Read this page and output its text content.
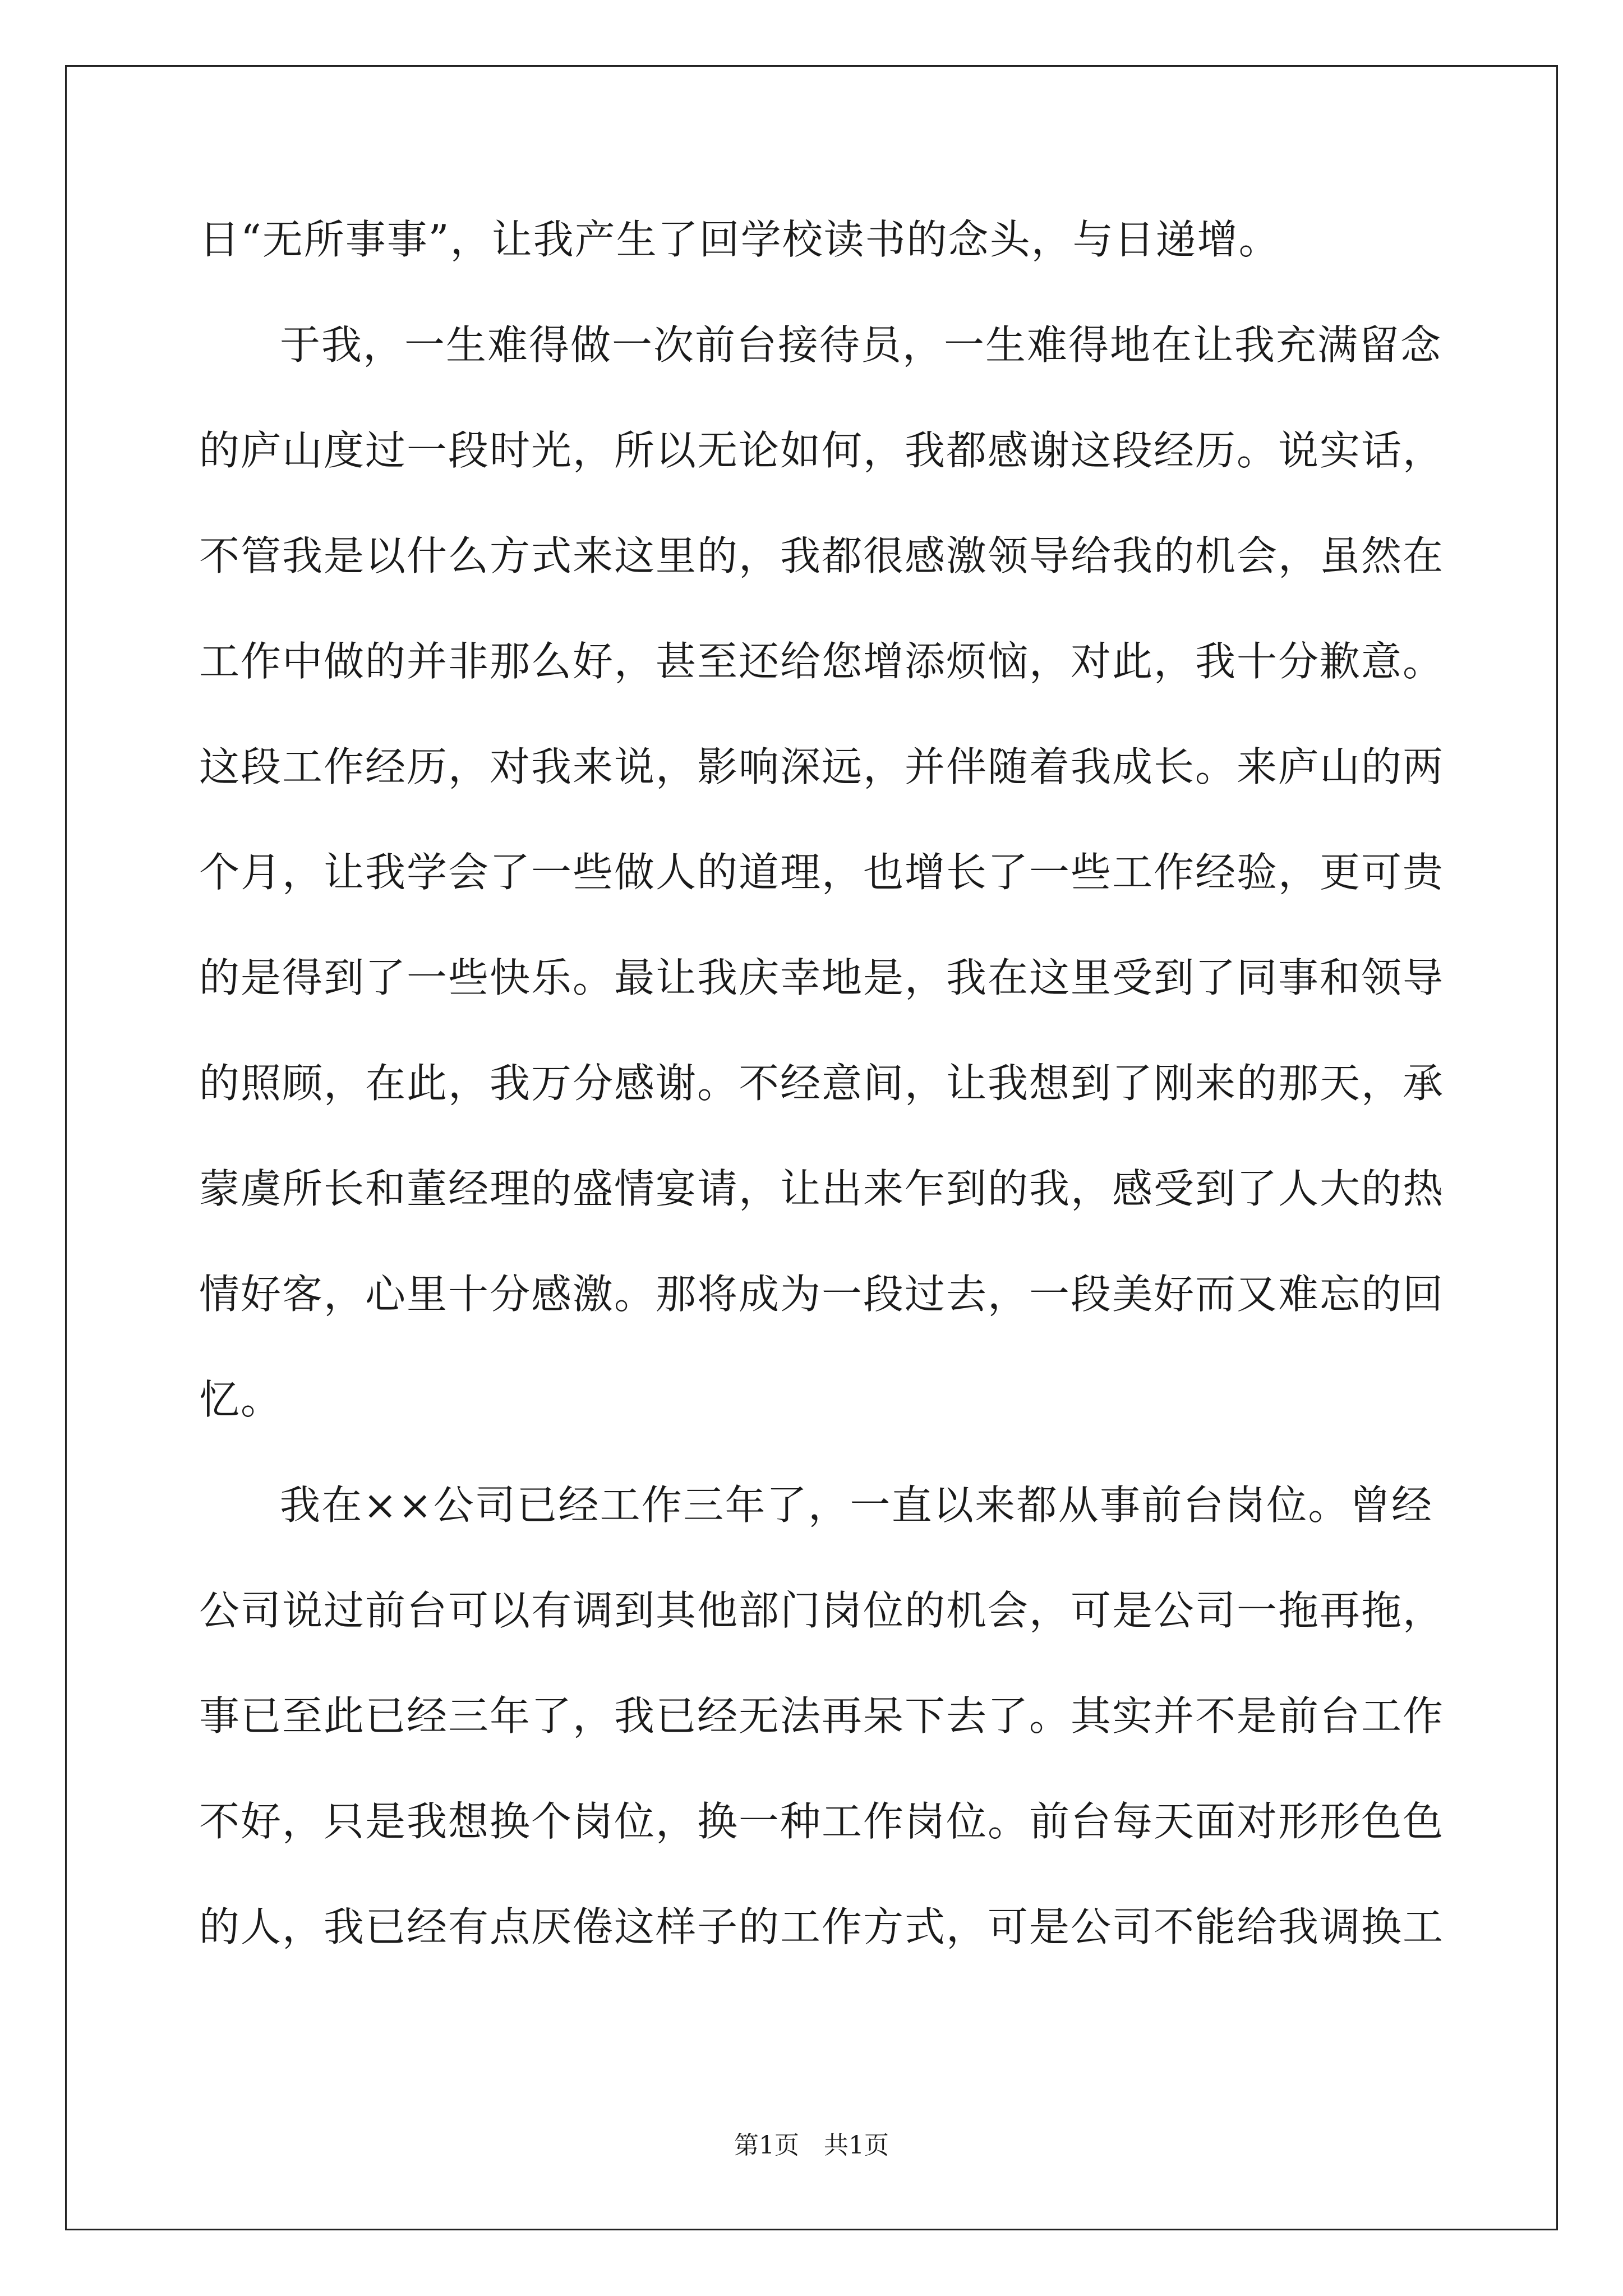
日“无所事事”，让我产生了回学校读书的念头，与日递增。
于我，一生难得做一次前台接待员，一生难得地在让我充满留念
的庐山度过一段时光，所以无论如何，我都感谢这段经历。说实话，
不管我是以什么方式来这里的，我都很感激领导给我的机会，虽然在
工作中做的并非那么好，甚至还给您增添烦恼，对此，我十分歉意。
这段工作经历，对我来说，影响深远，并伴随着我成长。来庐山的两
个月，让我学会了一些做人的道理，也增长了一些工作经验，更可贵
的是得到了一些快乐。最让我庆幸地是，我在这里受到了同事和领导
的照顾，在此，我万分感谢。不经意间，让我想到了刚来的那天，承
蒙虞所长和董经理的盛情宴请，让出来乍到的我，感受到了人大的热
情好客，心里十分感激。那将成为一段过去，一段美好而又难忘的回
忆。
我在××公司已经工作三年了，一直以来都从事前台岗位。曾经
公司说过前台可以有调到其他部门岗位的机会，可是公司一拖再拖，
事已至此已经三年了，我已经无法再呆下去了。其实并不是前台工作
不好，只是我想换个岗位，换一种工作岗位。前台每天面对形形色色
的人，我已经有点厌倦这样子的工作方式，可是公司不能给我调换工
第1页　共1页
